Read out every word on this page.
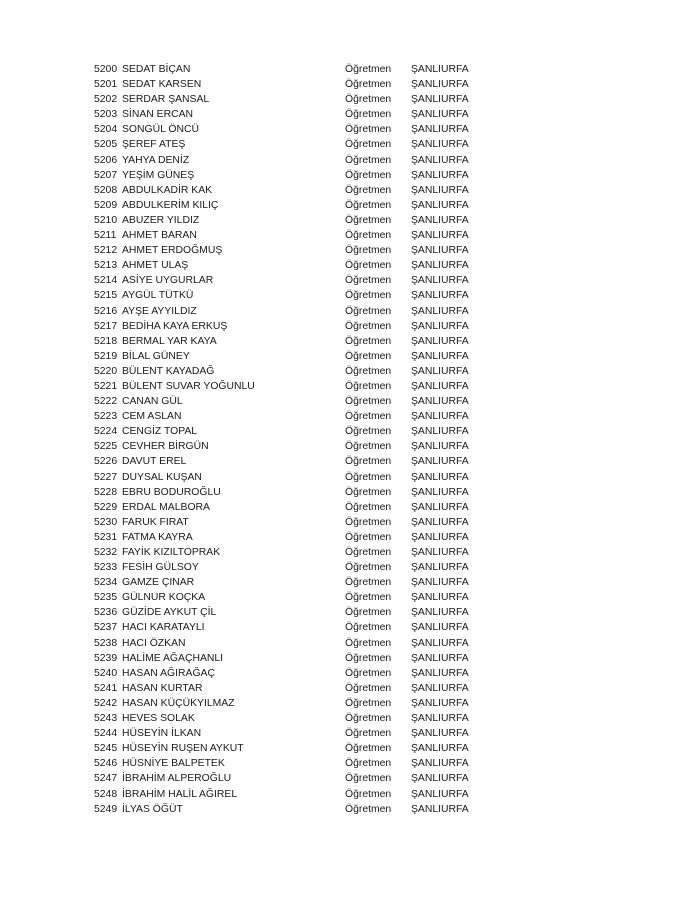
5200 SEDAT BİÇAN	Öğretmen ŞANLIURFA
5201 SEDAT KARSEN	Öğretmen ŞANLIURFA
5202 SERDAR ŞANSAL	Öğretmen ŞANLIURFA
5203 SİNAN ERCAN	Öğretmen ŞANLIURFA
5204 SONGÜL ÖNCÜ	Öğretmen ŞANLIURFA
5205 ŞEREF ATEŞ	Öğretmen ŞANLIURFA
5206 YAHYA DENİZ	Öğretmen ŞANLIURFA
5207 YEŞİM GÜNEŞ	Öğretmen ŞANLIURFA
5208 ABDULKADİR KAK	Öğretmen ŞANLIURFA
5209 ABDULKERİM KILIÇ	Öğretmen ŞANLIURFA
5210 ABUZER YILDIZ	Öğretmen ŞANLIURFA
5211 AHMET BARAN	Öğretmen ŞANLIURFA
5212 AHMET ERDOĞMUŞ	Öğretmen ŞANLIURFA
5213 AHMET ULAŞ	Öğretmen ŞANLIURFA
5214 ASİYE UYGURLAR	Öğretmen ŞANLIURFA
5215 AYGÜL TÜTKÜ	Öğretmen ŞANLIURFA
5216 AYŞE AYYILDIZ	Öğretmen ŞANLIURFA
5217 BEDİHA KAYA ERKUŞ	Öğretmen ŞANLIURFA
5218 BERMAL YAR KAYA	Öğretmen ŞANLIURFA
5219 BİLAL GÜNEY	Öğretmen ŞANLIURFA
5220 BÜLENT KAYADAĞ	Öğretmen ŞANLIURFA
5221 BÜLENT SUVAR YOĞUNLU	Öğretmen ŞANLIURFA
5222 CANAN GÜL	Öğretmen ŞANLIURFA
5223 CEM ASLAN	Öğretmen ŞANLIURFA
5224 CENGİZ TOPAL	Öğretmen ŞANLIURFA
5225 CEVHER BİRGÜN	Öğretmen ŞANLIURFA
5226 DAVUT EREL	Öğretmen ŞANLIURFA
5227 DUYSAL KUŞAN	Öğretmen ŞANLIURFA
5228 EBRU BODUROĞLU	Öğretmen ŞANLIURFA
5229 ERDAL MALBORA	Öğretmen ŞANLIURFA
5230 FARUK FIRAT	Öğretmen ŞANLIURFA
5231 FATMA KAYRA	Öğretmen ŞANLIURFA
5232 FAYİK KIZILTOPRAK	Öğretmen ŞANLIURFA
5233 FESİH GÜLSOY	Öğretmen ŞANLIURFA
5234 GAMZE ÇINAR	Öğretmen ŞANLIURFA
5235 GÜLNUR KOÇKA	Öğretmen ŞANLIURFA
5236 GÜZİDE AYKUT ÇİL	Öğretmen ŞANLIURFA
5237 HACI KARATAYLI	Öğretmen ŞANLIURFA
5238 HACI ÖZKAN	Öğretmen ŞANLIURFA
5239 HALİME AĞAÇHANLI	Öğretmen ŞANLIURFA
5240 HASAN AĞIRAĞAÇ	Öğretmen ŞANLIURFA
5241 HASAN KURTAR	Öğretmen ŞANLIURFA
5242 HASAN KÜÇÜKYILMAZ	Öğretmen ŞANLIURFA
5243 HEVES SOLAK	Öğretmen ŞANLIURFA
5244 HÜSEYİN İLKAN	Öğretmen ŞANLIURFA
5245 HÜSEYİN RUŞEN AYKUT	Öğretmen ŞANLIURFA
5246 HÜSNİYE BALPETEK	Öğretmen ŞANLIURFA
5247 İBRAHİM ALPEROĞLU	Öğretmen ŞANLIURFA
5248 İBRAHİM HALİL AĞIREL	Öğretmen ŞANLIURFA
5249 İLYAS ÖĞÜT	Öğretmen ŞANLIURFA
